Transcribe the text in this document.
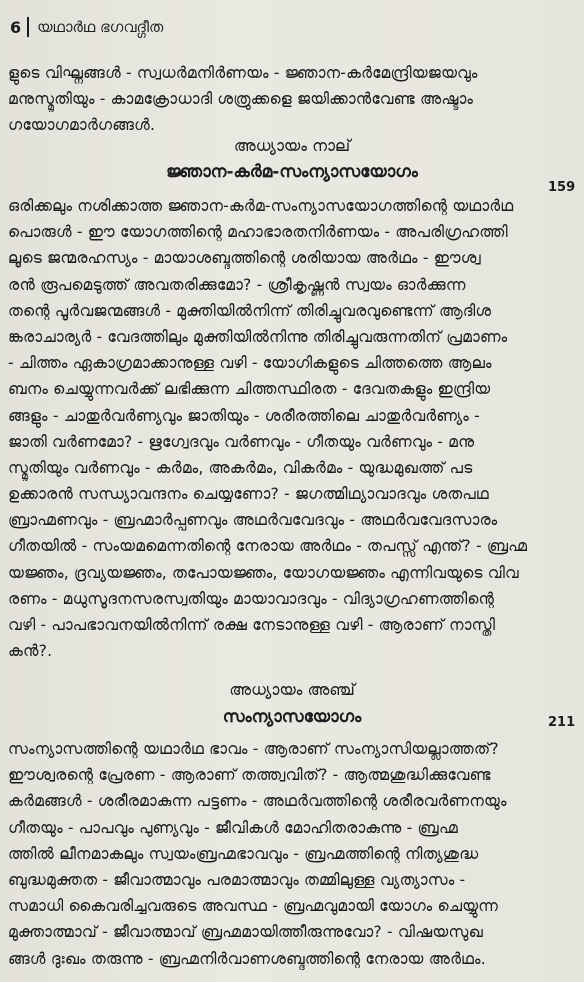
6 യഥാർഥ ഭഗവദ്ഗീത
ളുടെ വിഘ്നങ്ങൾ - സ്വധർമനിർണയം - ജ്ഞാന-കർമേന്ദ്രിയജയവും
മനുസ്മൃതിയും - കാമക്രോധാദി ശത്രുക്കളെ ജയിക്കാൻവേണ്ട അഷ്ടാം
ഗയോഗമാർഗങ്ങൾ.
അധ്യായം നാല്
ജ്ഞാന-കർമ-സംന്യാസയോഗം
159
ഒരിക്കലും നശിക്കാത്ത ജ്ഞാന-കർമ-സംന്യാസയോഗത്തിന്റെ യഥാർഥ
പൊരുൾ - ഈ യോഗത്തിന്റെ മഹാഭാരതനിർണയം - അപരിഗ്രഹത്തി
ലൂടെ ജന്മരഹസ്യം - മായാശബ്ദത്തിന്റെ ശരിയായ അർഥം - ഈശ്വ
രൻ രൂപമെടുത്ത് അവതരിക്കുമോ? - ശ്രീകൃഷ്ണൻ സ്വയം ഓർക്കുന്ന
തന്റെ പൂർവജന്മങ്ങൾ - മുക്തിയിൽനിന്ന് തിരിച്ചുവരവുണ്ടെന്ന് ആദിശ
ങ്കരാചാര്യർ - വേദത്തിലും മുക്തിയിൽനിന്നു തിരിച്ചുവരുന്നതിന് പ്രമാണം
- ചിത്തം ഏകാഗ്രമാക്കാനുള്ള വഴി - യോഗികളുടെ ചിത്തത്തെ ആലം
ബനം ചെയ്യുന്നവർക്ക് ലഭിക്കുന്ന ചിത്തസ്ഥിരത - ദേവതകളും ഇന്ദ്രിയ
ങ്ങളും - ചാതുർവർണ്യവും ജാതിയും - ശരീരത്തിലെ ചാതുർവർണ്യം -
ജാതി വർണമോ? - ഋഗ്വേദവും വർണവും - ഗീതയും വർണവും - മനു
സ്മൃതിയും വർണവും - കർമം, അകർമം, വികർമം - യുദ്ധമുഖത്ത് പട
ഉക്കാരൻ സന്ധ്യാവന്ദനം ചെയ്യണോ? - ജഗത്മിഥ്യാവാദവും ശതപഥ
ബ്രാഹ്മണവും - ബ്രഹ്മാർപ്പണവും അഥർവവേദവും - അഥർവവേദസാരം
ഗീതയിൽ - സംയമമെന്നതിന്റെ നേരായ അർഥം - തപസ്സ് എന്ത്? - ബ്രഹ്മ
യജ്ഞം, ദ്രവ്യയജ്ഞം, തപോയജ്ഞം, യോഗയജ്ഞം എന്നിവയുടെ വിവ
രണം - മധുസൂദനസരസ്വതിയും മായാവാദവും - വിദ്യാഗ്രഹണത്തിന്റെ
വഴി - പാപഭാവനയിൽനിന്ന് രക്ഷ നേടാനുള്ള വഴി - ആരാണ് നാസ്തി
കൻ?.
അധ്യായം അഞ്ച്
സംന്യാസയോഗം	211
സംന്യാസത്തിന്റെ യഥാർഥ ഭാവം - ആരാണ് സംന്യാസിയല്ലാത്തത്?
ഈശ്വരന്റെ പ്രേരണ - ആരാണ് തത്ത്വവിത്? - ആത്മശുദ്ധിക്കുവേണ്ട
കർമങ്ങൾ - ശരീരമാകുന്ന പട്ടണം - അഥർവത്തിന്റെ ശരീരവർണനയും
ഗീതയും - പാപവും പുണ്യവും - ജീവികൾ മോഹിതരാകുന്നു - ബ്രഹ്മ
ത്തിൽ ലീനമാകലും സ്വയംബ്രഹ്മഭാവവും - ബ്രഹ്മത്തിന്റെ നിത്യശുദ്ധ
ബുദ്ധമുക്തത - ജീവാത്മാവും പരമാത്മാവും തമ്മിലുള്ള വ്യത്യാസം -
സമാധി കൈവരിച്ചവരുടെ അവസ്ഥ - ബ്രഹ്മവുമായി യോഗം ചെയ്യുന്ന
മുക്താത്മാവ് - ജീവാത്മാവ് ബ്രഹ്മമായിത്തീരുന്നുവോ? - വിഷയസുഖ
ങ്ങൾ ദുഃഖം തരുന്നു - ബ്രഹ്മനിർവാണശബ്ദത്തിന്റെ നേരായ അർഥം.
